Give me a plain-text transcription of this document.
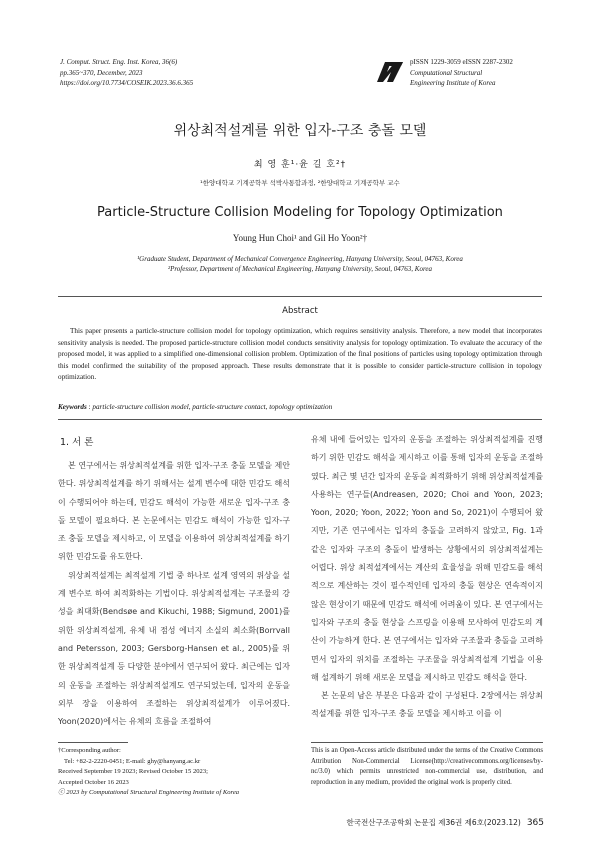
J. Comput. Struct. Eng. Inst. Korea, 36(6)
pp.365~370, December, 2023
https://doi.org/10.7734/COSEIK.2023.36.6.365
pISSN 1229-3059 eISSN 2287-2302
Computational Structural
Engineering Institute of Korea
위상최적설계를 위한 입자-구조 충돌 모델
최 영 훈¹·윤 길 호²†
¹한양대학교 기계공학부 석박사통합과정, ²한양대학교 기계공학부 교수
Particle-Structure Collision Modeling for Topology Optimization
Young Hun Choi¹ and Gil Ho Yoon²†
¹Graduate Student, Department of Mechanical Convergence Engineering, Hanyang University, Seoul, 04763, Korea
²Professor, Department of Mechanical Engineering, Hanyang University, Seoul, 04763, Korea
Abstract
This paper presents a particle-structure collision model for topology optimization, which requires sensitivity analysis. Therefore, a new model that incorporates sensitivity analysis is needed. The proposed particle-structure collision model conducts sensitivity analysis for topology optimization. To evaluate the accuracy of the proposed model, it was applied to a simplified one-dimensional collision problem. Optimization of the final positions of particles using topology optimization through this model confirmed the suitability of the proposed approach. These results demonstrate that it is possible to consider particle-structure collision in topology optimization.
Keywords : particle-structure collision model, particle-structure contact, topology optimization
1. 서 론

본 연구에서는 위상최적설계를 위한 입자-구조 충돌 모델을 제안한다. 위상최적설계를 하기 위해서는 설계 변수에 대한 민감도 해석이 수행되어야 하는데, 민감도 해석이 가능한 새로운 입자-구조 충돌 모델이 필요하다. 본 논문에서는 민감도 해석이 가능한 입자-구조 충돌 모델을 제시하고, 이 모델을 이용하여 위상최적설계를 하기 위한 민감도를 유도한다.

위상최적설계는 최적설계 기법 중 하나로 설계 영역의 위상을 설계 변수로 하여 최적화하는 기법이다. 위상최적설계는 구조물의 강성을 최대화(Bendsøe and Kikuchi, 1988; Sigmund, 2001)를 위한 위상최적설계, 유체 내 점성 에너지 소실의 최소화(Borrvall and Petersson, 2003; Gersborg-Hansen et al., 2005)를 위한 위상최적설계 등 다양한 분야에서 연구되어 왔다. 최근에는 입자의 운동을 조절하는 위상최적설계도 연구되었는데, 입자의 운동을 외부 장을 이용하여 조절하는 위상최적설계가 이루어졌다. Yoon(2020)에서는 유체의 흐름을 조절하여

유체 내에 들어있는 입자의 운동을 조절하는 위상최적설계를 진행하기 위한 민감도 해석을 제시하고 이를 통해 입자의 운동을 조절하였다. 최근 몇 년간 입자의 운동을 최적화하기 위해 위상최적설계를 사용하는 연구들(Andreasen, 2020; Choi and Yoon, 2023; Yoon, 2020; Yoon, 2022; Yoon and So, 2021)이 수행되어 왔지만, 기존 연구에서는 입자의 충돌을 고려하지 않았고, Fig. 1과 같은 입자와 구조의 충돌이 발생하는 상황에서의 위상최적설계는 어렵다. 위상 최적설계에서는 계산의 효율성을 위해 민감도를 해석적으로 계산하는 것이 필수적인데 입자의 충돌 현상은 연속적이지 않은 현상이기 때문에 민감도 해석에 어려움이 있다. 본 연구에서는 입자와 구조의 충돌 현상을 스프링을 이용해 모사하여 민감도의 계산이 가능하게 한다. 본 연구에서는 입자와 구조물과 충돌을 고려하면서 입자의 위치를 조절하는 구조물을 위상최적설계 기법을 이용해 설계하기 위해 새로운 모델을 제시하고 민감도 해석을 한다.

본 논문의 남은 부분은 다음과 같이 구성된다. 2장에서는 위상최적설계를 위한 입자-구조 충돌 모델을 제시하고 이를 이

†Corresponding author:
Tel: +82-2-2220-0451; E-mail: ghy@hanyang.ac.kr
Received September 19 2023; Revised October 15 2023;
Accepted October 16 2023
ⓒ 2023 by Computational Structural Engineering Institute of Korea
This is an Open-Access article distributed under the terms of the Creative Commons Attribution Non-Commercial License(http://creativecommons.org/licenses/by-nc/3.0) which permits unrestricted non-commercial use, distribution, and reproduction in any medium, provided the original work is properly cited.
한국전산구조공학회 논문집 제36권 제6호(2023.12) 365
